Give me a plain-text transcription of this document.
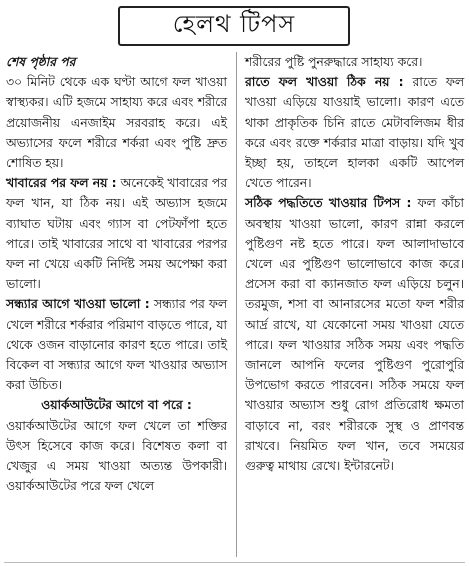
হেলথ টিপস

শেষ পৃষ্ঠার পর
৩০ মিনিট থেকে এক ঘণ্টা আগে ফল খাওয়া স্বাস্থ্যকর। এটি হজমে সাহায্য করে এবং শরীরে প্রয়োজনীয় এনজাইম সরবরাহ করে। এই অভ্যাসের ফলে শরীরে শর্করা এবং পুষ্টি দ্রুত শোষিত হয়।

খাবারের পর ফল নয় : অনেকেই খাবারের পর ফল খান, যা ঠিক নয়। এই অভ্যাস হজমে ব্যাঘাত ঘটায় এবং গ্যাস বা পেটফাঁপা হতে পারে। তাই খাবারের সাথে বা খাবারের পরপর ফল না খেয়ে একটি নির্দিষ্ট সময় অপেক্ষা করা ভালো।

সন্ধ্যার আগে খাওয়া ভালো : সন্ধ্যার পর ফল খেলে শরীরে শর্করার পরিমাণ বাড়তে পারে, যা থেকে ওজন বাড়ানোর কারণ হতে পারে। তাই বিকেল বা সন্ধ্যার আগে ফল খাওয়ার অভ্যাস করা উচিত।

ওয়ার্কআউটের আগে বা পরে :
ওয়ার্কআউটের আগে ফল খেলে তা শক্তির উৎস হিসেবে কাজ করে। বিশেষত কলা বা খেজুর এ সময় খাওয়া অত্যন্ত উপকারী। ওয়ার্কআউটের পরে ফল খেলে

শরীরের পুষ্টি পুনরুদ্ধারে সাহায্য করে।

রাতে ফল খাওয়া ঠিক নয় : রাতে ফল খাওয়া এড়িয়ে যাওয়াই ভালো। কারণ এতে থাকা প্রাকৃতিক চিনি রাতে মেটাবলিজম ধীর করে এবং রক্তে শর্করার মাত্রা বাড়ায়। যদি খুব ইচ্ছা হয়, তাহলে হালকা একটি আপেল খেতে পারেন।

সঠিক পদ্ধতিতে খাওয়ার টিপস : ফল কাঁচা অবস্থায় খাওয়া ভালো, কারণ রান্না করলে পুষ্টিগুণ নষ্ট হতে পারে। ফল আলাদাভাবে খেলে এর পুষ্টিগুণ ভালোভাবে কাজ করে। প্রসেস করা বা ক্যানজাত ফল এড়িয়ে চলুন। তরমুজ, শসা বা আনারসের মতো ফল শরীর আর্দ্র রাখে, যা যেকোনো সময় খাওয়া যেতে পারে। ফল খাওয়ার সঠিক সময় এবং পদ্ধতি জানলে আপনি ফলের পুষ্টিগুণ পুরোপুরি উপভোগ করতে পারবেন। সঠিক সময়ে ফল খাওয়ার অভ্যাস শুধু রোগ প্রতিরোধ ক্ষমতা বাড়াবে না, বরং শরীরকে সুস্থ ও প্রাণবন্ত রাখবে। নিয়মিত ফল খান, তবে সময়ের গুরুত্ব মাথায় রেখে। ইন্টারনেট।
